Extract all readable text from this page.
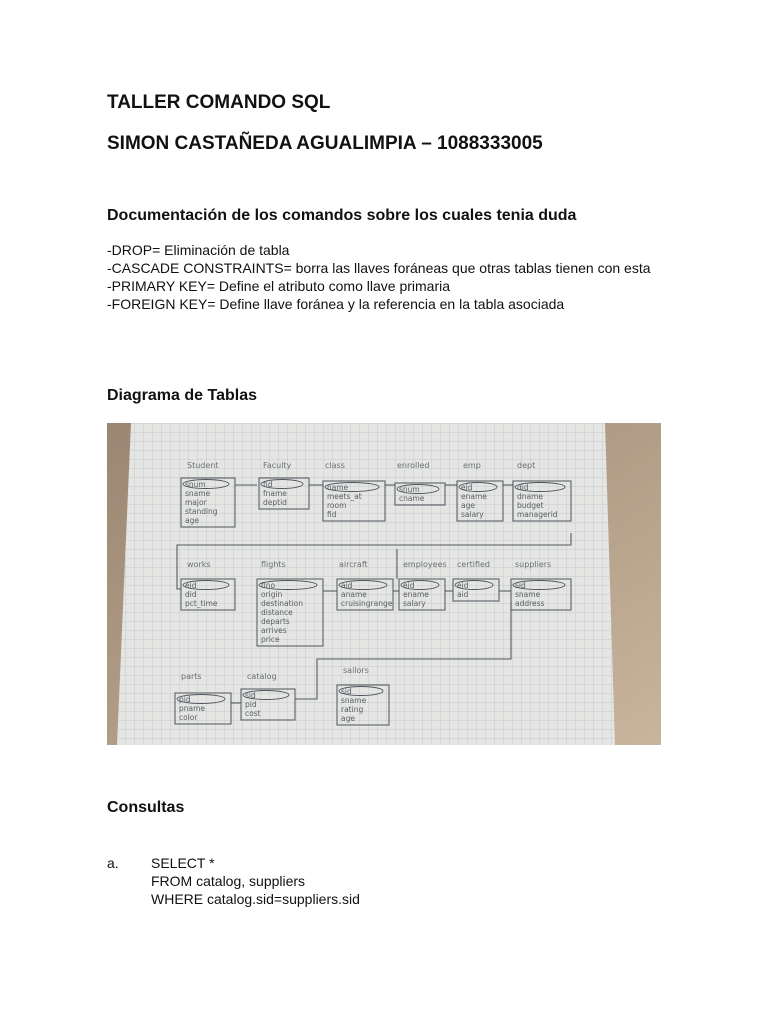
TALLER COMANDO SQL
SIMON CASTAÑEDA AGUALIMPIA – 1088333005
Documentación de los comandos sobre los cuales tenia duda
-DROP= Eliminación de tabla
-CASCADE CONSTRAINTS= borra las llaves foráneas que otras tablas tienen con esta
-PRIMARY KEY= Define el atributo como llave primaria
-FOREIGN KEY= Define llave foránea y la referencia en la tabla asociada
Diagrama de Tablas
Student
snum
sname
major
standing
age
Faculty
fid
fname
deptid
class
name
meets_at
room
fid
enrolled
snum
cname
emp
eid
ename
age
salary
dept
did
dname
budget
managerid
works
eid
did
pct_time
flights
flno
origin
destination
distance
departs
arrives
price
aircraft
aid
aname
cruisingrange
employees
eid
ename
salary
certified
eid
aid
suppliers
sid
sname
address
parts
pid
pname
color
catalog
sid
pid
cost
sailors
sid
sname
rating
age
Consultas
a. SELECT *
FROM catalog, suppliers
WHERE catalog.sid=suppliers.sid
